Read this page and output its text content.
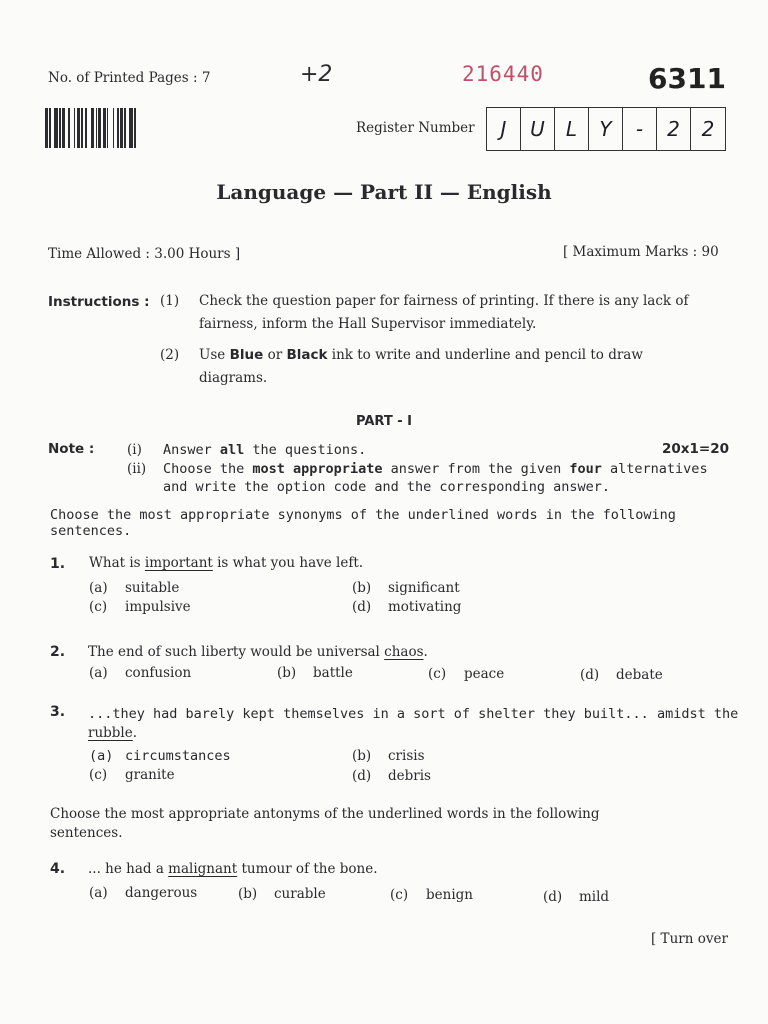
No. of Printed Pages : 7	+2	216440	6311
Register Number	J	U	L	Y	-	2	2
Language — Part II — English
Time Allowed : 3.00 Hours ]	[ Maximum Marks : 90
Instructions : (1) Check the question paper for fairness of printing. If there is any lack of
fairness, inform the Hall Supervisor immediately.
(2) Use Blue or Black ink to write and underline and pencil to draw
diagrams.
PART - I
Note :	20x1=20
(i) Answer all the questions.
(ii) Choose the most appropriate answer from the given four alternatives
and write the option code and the corresponding answer.
Choose the most appropriate synonyms of the underlined words in the following
sentences.
1. What is important is what you have left.
(a) suitable	(b) significant
(c) impulsive	(d) motivating
2. The end of such liberty would be universal chaos.
(a) confusion	(b) battle	(c) peace	(d) debate
3. ...they had barely kept themselves in a sort of shelter they built... amidst the
rubble.
(a) circumstances	(b) crisis
(c) granite	(d) debris
Choose the most appropriate antonyms of the underlined words in the following
sentences.
4. ... he had a malignant tumour of the bone.
(a) dangerous	(b) curable	(c) benign	(d) mild
[ Turn over
